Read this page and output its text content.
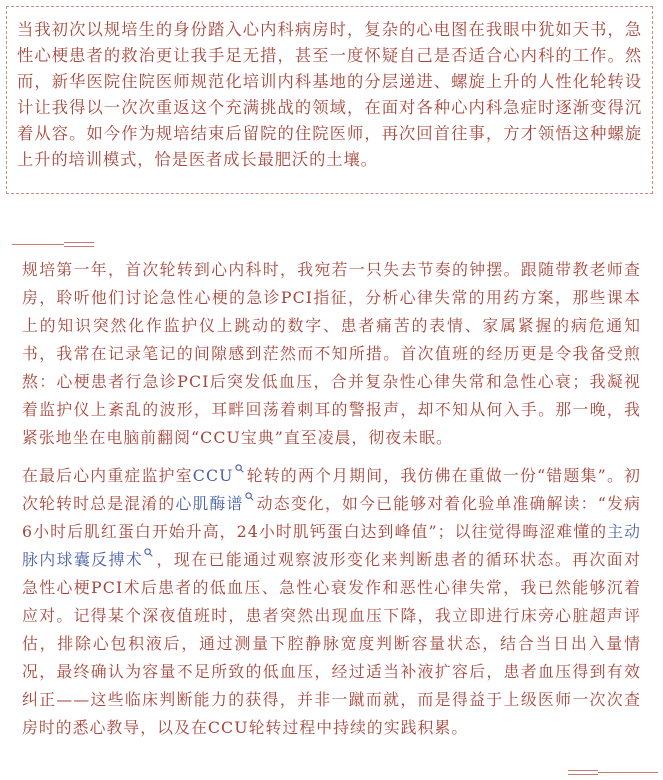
当我初次以规培生的身份踏入心内科病房时，复杂的心电图在我眼中犹如天书，急性心梗患者的救治更让我手足无措，甚至一度怀疑自己是否适合心内科的工作。然而，新华医院住院医师规范化培训内科基地的分层递进、螺旋上升的人性化轮转设计让我得以一次次重返这个充满挑战的领域，在面对各种心内科急症时逐渐变得沉着从容。如今作为规培结束后留院的住院医师，再次回首往事，方才领悟这种螺旋上升的培训模式，恰是医者成长最肥沃的土壤。

规培第一年，首次轮转到心内科时，我宛若一只失去节奏的钟摆。跟随带教老师查房，聆听他们讨论急性心梗的急诊PCI指征，分析心律失常的用药方案，那些课本上的知识突然化作监护仪上跳动的数字、患者痛苦的表情、家属紧握的病危通知书，我常在记录笔记的间隙感到茫然而不知所措。首次值班的经历更是令我备受煎熬：心梗患者行急诊PCI后突发低血压，合并复杂性心律失常和急性心衰；我凝视着监护仪上紊乱的波形，耳畔回荡着刺耳的警报声，却不知从何入手。那一晚，我紧张地坐在电脑前翻阅“CCU宝典”直至凌晨，彻夜未眠。

在最后心内重症监护室CCU 轮转的两个月期间，我仿佛在重做一份“错题集”。初次轮转时总是混淆的心肌酶谱 动态变化，如今已能够对着化验单准确解读：“发病6小时后肌红蛋白开始升高，24小时肌钙蛋白达到峰值”；以往觉得晦涩难懂的主动脉内球囊反搏术 ，现在已能通过观察波形变化来判断患者的循环状态。再次面对急性心梗PCI术后患者的低血压、急性心衰发作和恶性心律失常，我已然能够沉着应对。记得某个深夜值班时，患者突然出现血压下降，我立即进行床旁心脏超声评估，排除心包积液后，通过测量下腔静脉宽度判断容量状态，结合当日出入量情况，最终确认为容量不足所致的低血压，经过适当补液扩容后，患者血压得到有效纠正——这些临床判断能力的获得，并非一蹴而就，而是得益于上级医师一次次查房时的悉心教导，以及在CCU轮转过程中持续的实践积累。
